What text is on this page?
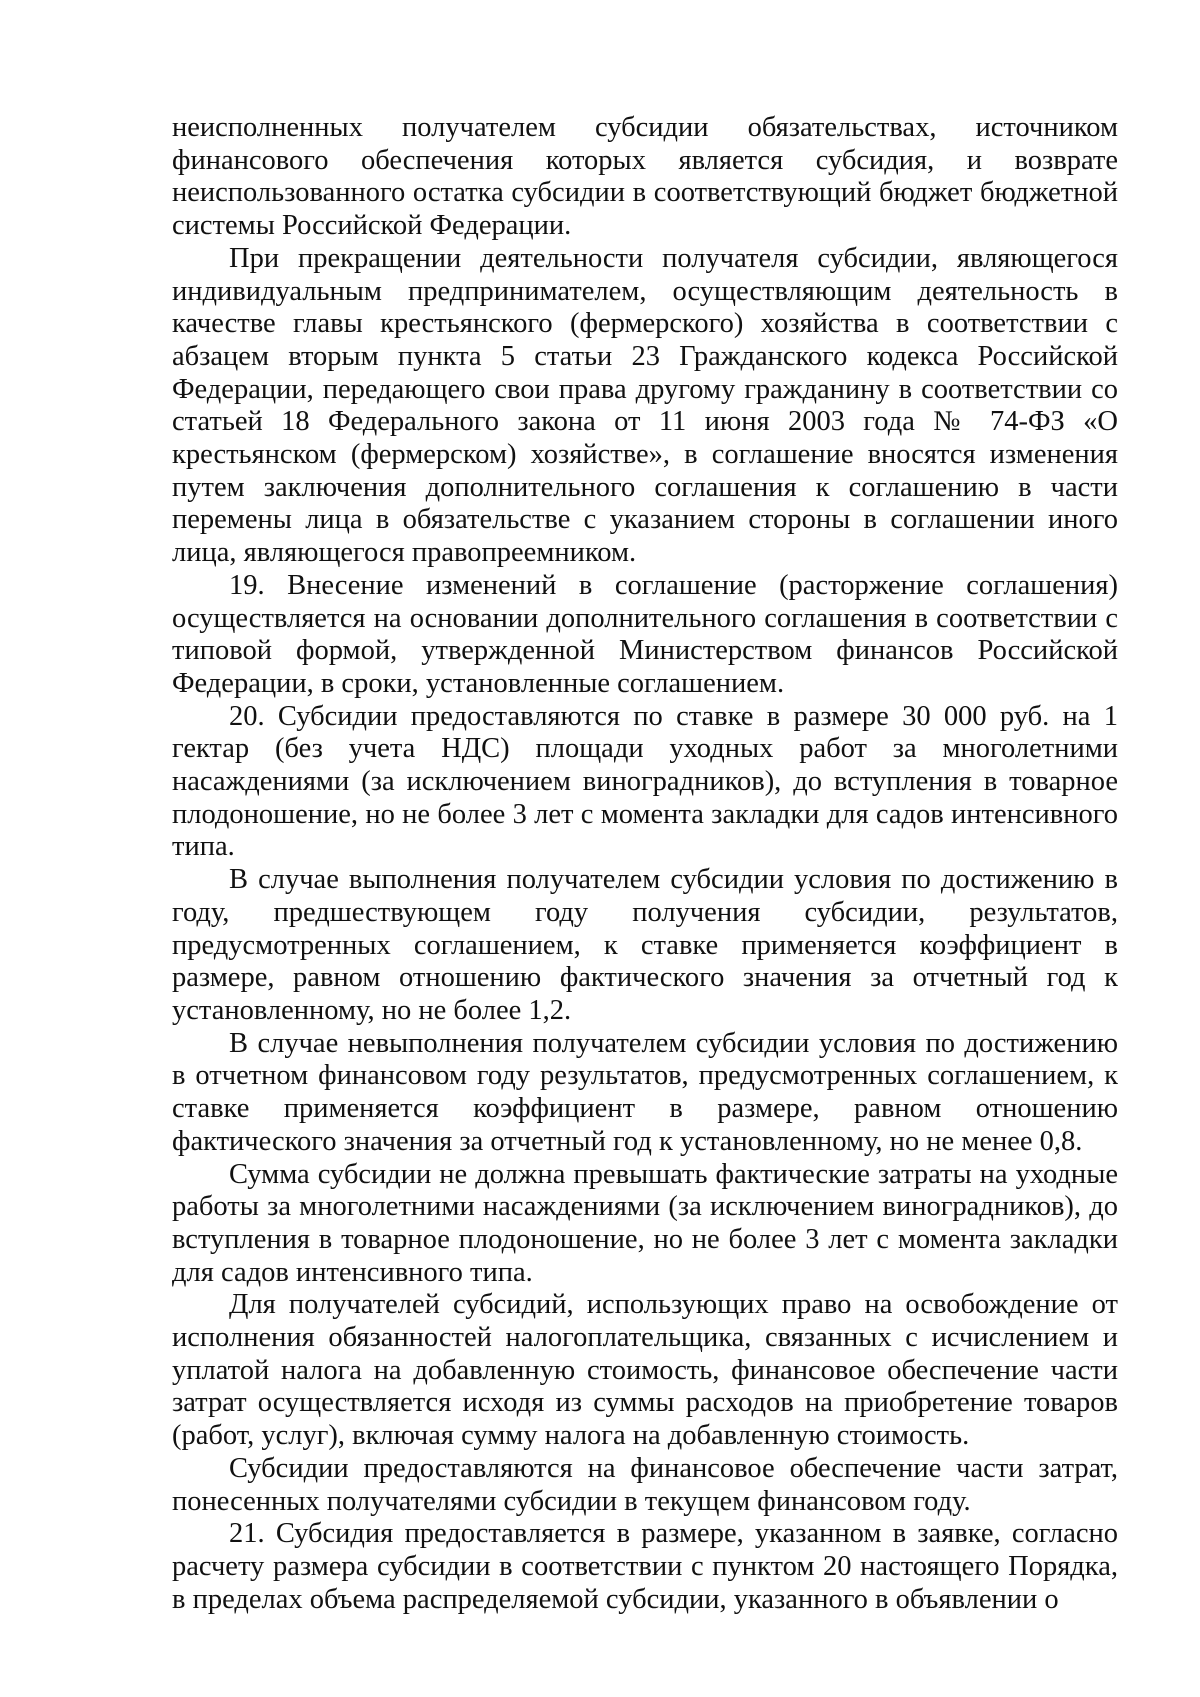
неисполненных получателем субсидии обязательствах, источником финансового обеспечения которых является субсидия, и возврате неиспользованного остатка субсидии в соответствующий бюджет бюджетной системы Российской Федерации.

При прекращении деятельности получателя субсидии, являющегося индивидуальным предпринимателем, осуществляющим деятельность в качестве главы крестьянского (фермерского) хозяйства в соответствии с абзацем вторым пункта 5 статьи 23 Гражданского кодекса Российской Федерации, передающего свои права другому гражданину в соответствии со статьей 18 Федерального закона от 11 июня 2003 года № 74-ФЗ «О крестьянском (фермерском) хозяйстве», в соглашение вносятся изменения путем заключения дополнительного соглашения к соглашению в части перемены лица в обязательстве с указанием стороны в соглашении иного лица, являющегося правопреемником.

19. Внесение изменений в соглашение (расторжение соглашения) осуществляется на основании дополнительного соглашения в соответствии с типовой формой, утвержденной Министерством финансов Российской Федерации, в сроки, установленные соглашением.

20. Субсидии предоставляются по ставке в размере 30 000 руб. на 1 гектар (без учета НДС) площади уходных работ за многолетними насаждениями (за исключением виноградников), до вступления в товарное плодоношение, но не более 3 лет с момента закладки для садов интенсивного типа.

В случае выполнения получателем субсидии условия по достижению в году, предшествующем году получения субсидии, результатов, предусмотренных соглашением, к ставке применяется коэффициент в размере, равном отношению фактического значения за отчетный год к установленному, но не более 1,2.

В случае невыполнения получателем субсидии условия по достижению в отчетном финансовом году результатов, предусмотренных соглашением, к ставке применяется коэффициент в размере, равном отношению фактического значения за отчетный год к установленному, но не менее 0,8.

Сумма субсидии не должна превышать фактические затраты на уходные работы за многолетними насаждениями (за исключением виноградников), до вступления в товарное плодоношение, но не более 3 лет с момента закладки для садов интенсивного типа.

Для получателей субсидий, использующих право на освобождение от исполнения обязанностей налогоплательщика, связанных с исчислением и уплатой налога на добавленную стоимость, финансовое обеспечение части затрат осуществляется исходя из суммы расходов на приобретение товаров (работ, услуг), включая сумму налога на добавленную стоимость.

Субсидии предоставляются на финансовое обеспечение части затрат, понесенных получателями субсидии в текущем финансовом году.

21. Субсидия предоставляется в размере, указанном в заявке, согласно расчету размера субсидии в соответствии с пунктом 20 настоящего Порядка, в пределах объема распределяемой субсидии, указанного в объявлении о
